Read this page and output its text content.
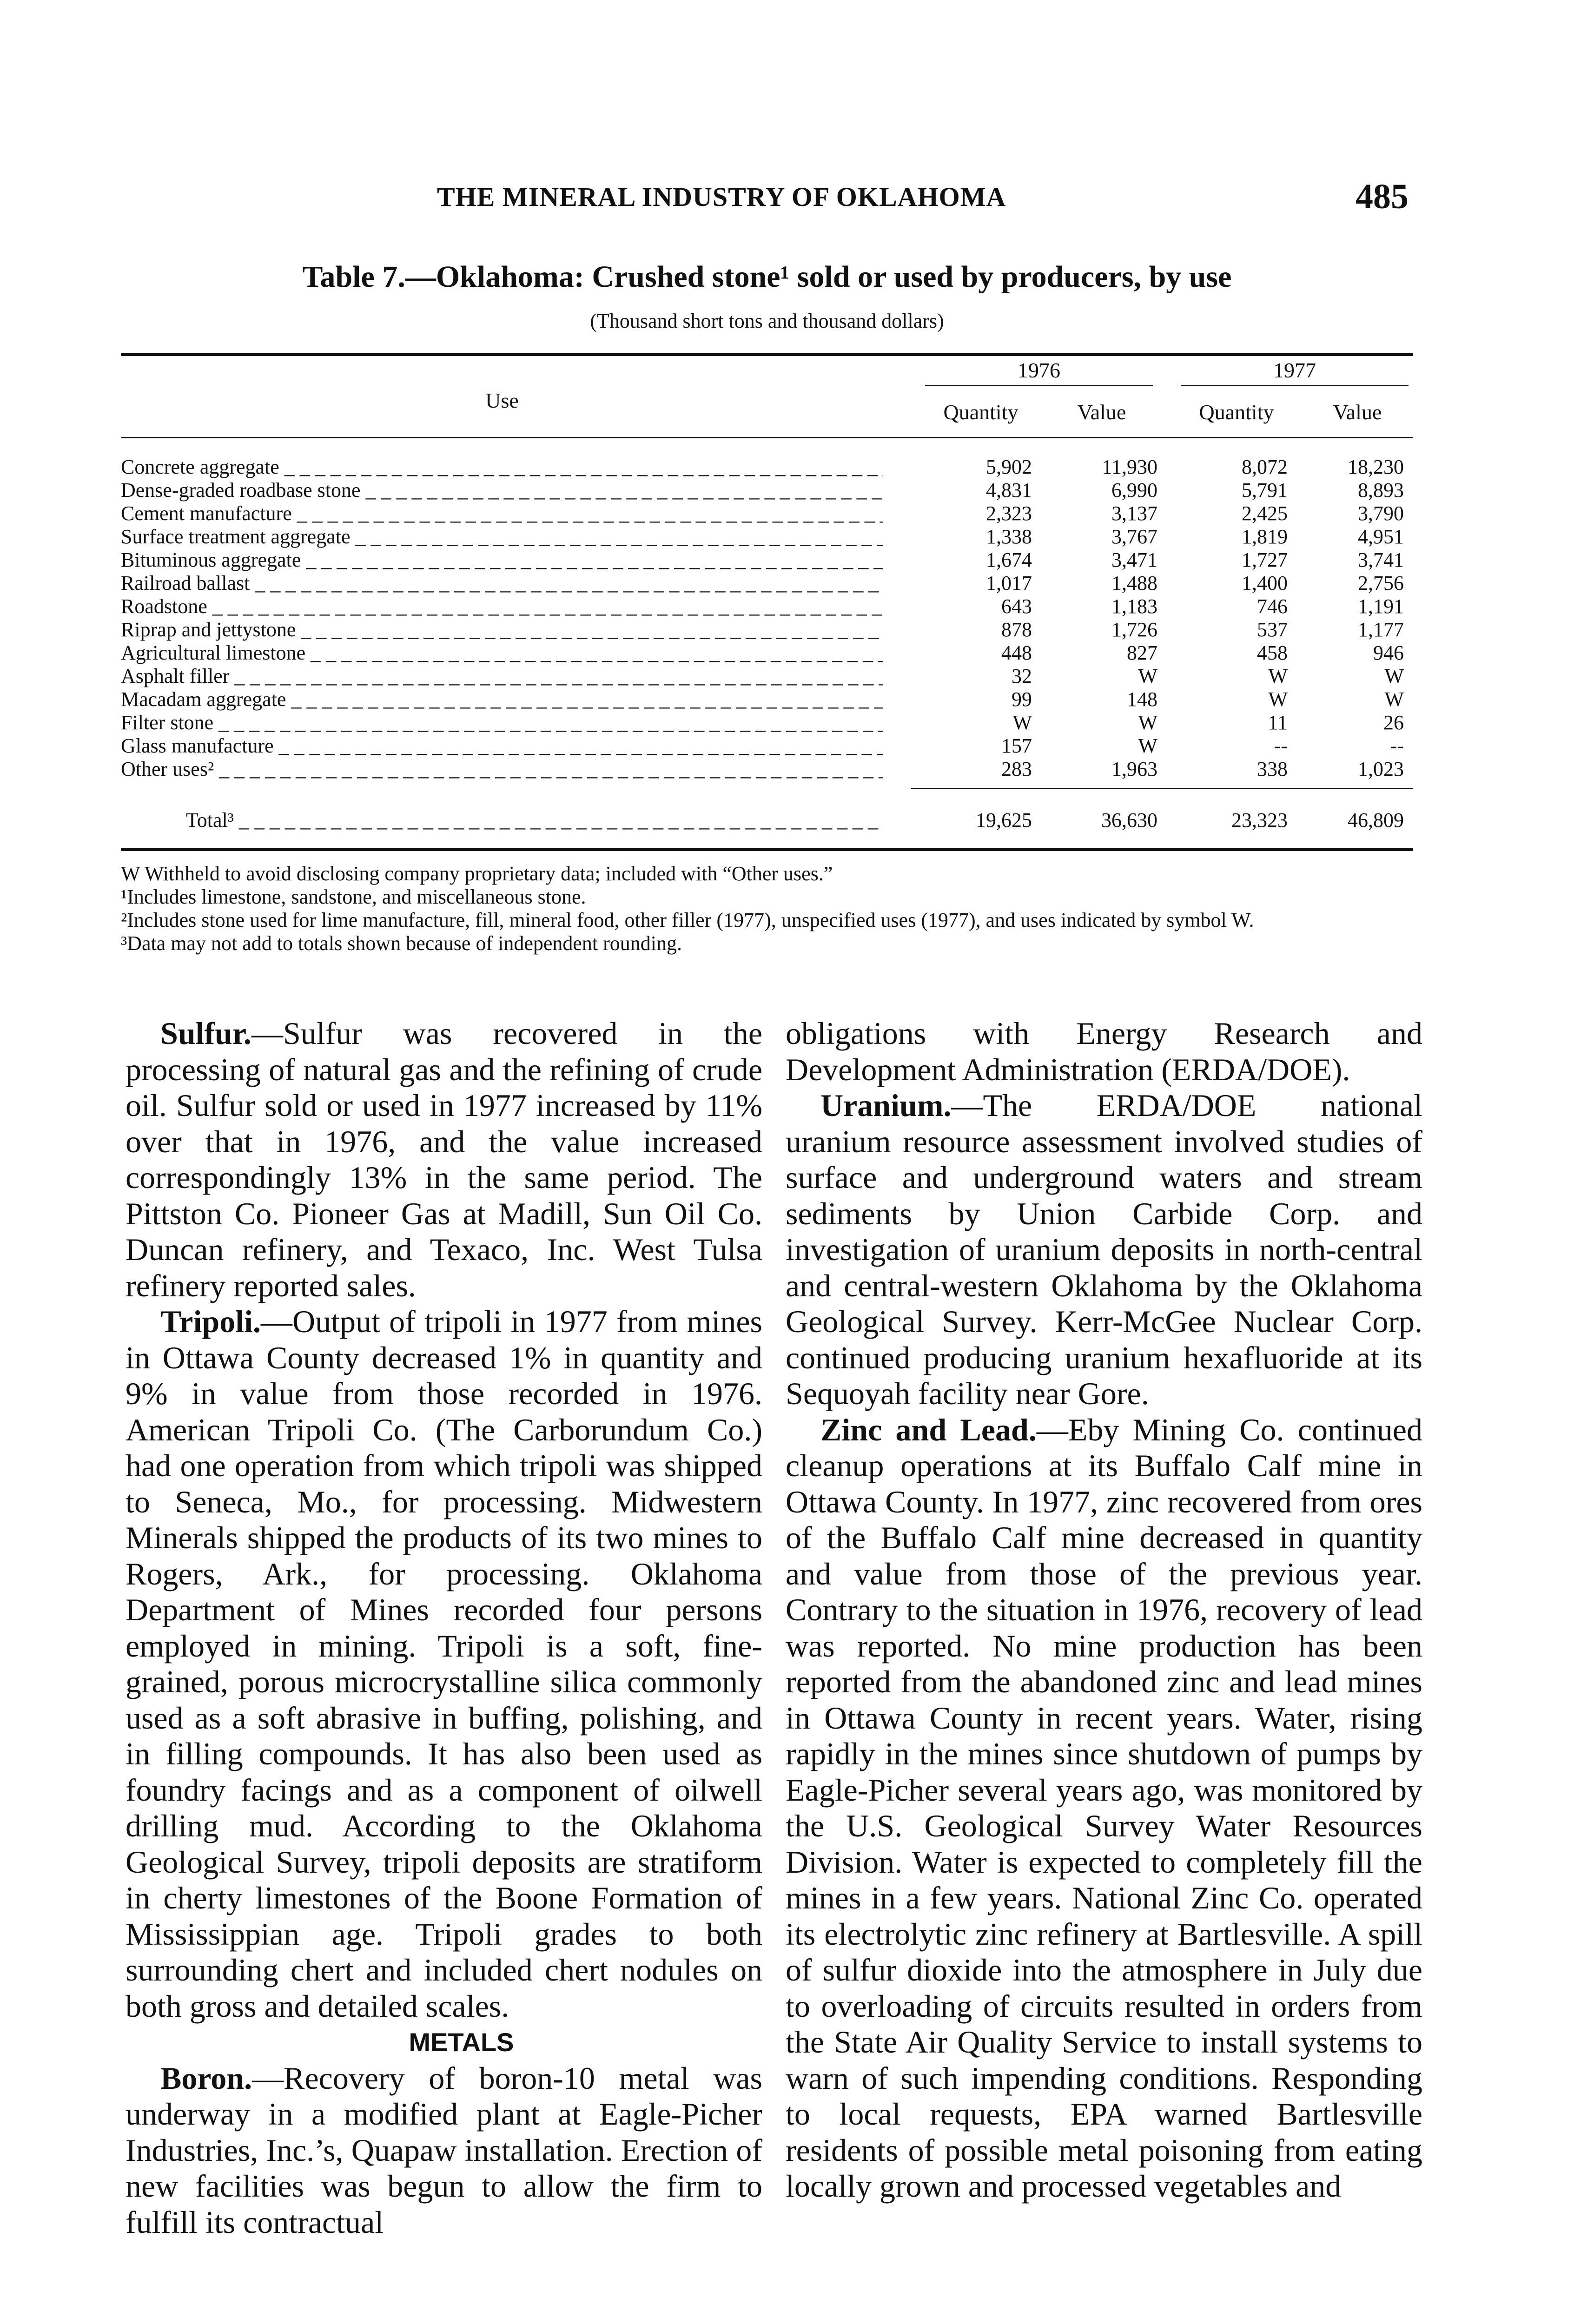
THE MINERAL INDUSTRY OF OKLAHOMA	485
Table 7.—Oklahoma: Crushed stone¹ sold or used by producers, by use
(Thousand short tons and thousand dollars)
Use
1976	1977
Quantity	Value	Quantity	Value
Concrete aggregate _ _ _	5,902	11,930	8,072	18,230
Dense-graded roadbase stone _ _ _	4,831	6,990	5,791	8,893
Cement manufacture _ _ _	2,323	3,137	2,425	3,790
Surface treatment aggregate _ _ _	1,338	3,767	1,819	4,951
Bituminous aggregate _ _ _	1,674	3,471	1,727	3,741
Railroad ballast _ _ _	1,017	1,488	1,400	2,756
Roadstone _ _ _	643	1,183	746	1,191
Riprap and jettystone _ _ _	878	1,726	537	1,177
Agricultural limestone _ _ _	448	827	458	946
Asphalt filler _ _ _	32	W	W	W
Macadam aggregate _ _ _	99	148	W	W
Filter stone _ _ _	W	W	11	26
Glass manufacture _ _ _	157	W	--	--
Other uses² _ _ _	283	1,963	338	1,023
Total³ _ _ _	19,625	36,630	23,323	46,809

W Withheld to avoid disclosing company proprietary data; included with “Other uses.”

¹Includes limestone, sandstone, and miscellaneous stone.

²Includes stone used for lime manufacture, fill, mineral food, other filler (1977), unspecified uses (1977), and uses indicated by symbol W.

³Data may not add to totals shown because of independent rounding.

Sulfur.—Sulfur was recovered in the processing of natural gas and the refining of crude oil. Sulfur sold or used in 1977 increased by 11% over that in 1976, and the value increased correspondingly 13% in the same period. The Pittston Co. Pioneer Gas at Madill, Sun Oil Co. Duncan refinery, and Texaco, Inc. West Tulsa refinery reported sales.

Tripoli.—Output of tripoli in 1977 from mines in Ottawa County decreased 1% in quantity and 9% in value from those recorded in 1976. American Tripoli Co. (The Carborundum Co.) had one operation from which tripoli was shipped to Seneca, Mo., for processing. Midwestern Minerals shipped the products of its two mines to Rogers, Ark., for processing. Oklahoma Department of Mines recorded four persons employed in mining. Tripoli is a soft, fine-grained, porous microcrystalline silica commonly used as a soft abrasive in buffing, polishing, and in filling compounds. It has also been used as foundry facings and as a component of oilwell drilling mud. According to the Oklahoma Geological Survey, tripoli deposits are stratiform in cherty limestones of the Boone Formation of Mississippian age. Tripoli grades to both surrounding chert and included chert nodules on both gross and detailed scales.

METALS

Boron.—Recovery of boron-10 metal was underway in a modified plant at Eagle-Picher Industries, Inc.’s, Quapaw installation. Erection of new facilities was begun to allow the firm to fulfill its contractual

obligations with Energy Research and Development Administration (ERDA/DOE).

Uranium.—The ERDA/DOE national uranium resource assessment involved studies of surface and underground waters and stream sediments by Union Carbide Corp. and investigation of uranium deposits in north-central and central-western Oklahoma by the Oklahoma Geological Survey. Kerr-McGee Nuclear Corp. continued producing uranium hexafluoride at its Sequoyah facility near Gore.

Zinc and Lead.—Eby Mining Co. continued cleanup operations at its Buffalo Calf mine in Ottawa County. In 1977, zinc recovered from ores of the Buffalo Calf mine decreased in quantity and value from those of the previous year. Contrary to the situation in 1976, recovery of lead was reported. No mine production has been reported from the abandoned zinc and lead mines in Ottawa County in recent years. Water, rising rapidly in the mines since shutdown of pumps by Eagle-Picher several years ago, was monitored by the U.S. Geological Survey Water Resources Division. Water is expected to completely fill the mines in a few years. National Zinc Co. operated its electrolytic zinc refinery at Bartlesville. A spill of sulfur dioxide into the atmosphere in July due to overloading of circuits resulted in orders from the State Air Quality Service to install systems to warn of such impending conditions. Responding to local requests, EPA warned Bartlesville residents of possible metal poisoning from eating locally grown and processed vegetables and
